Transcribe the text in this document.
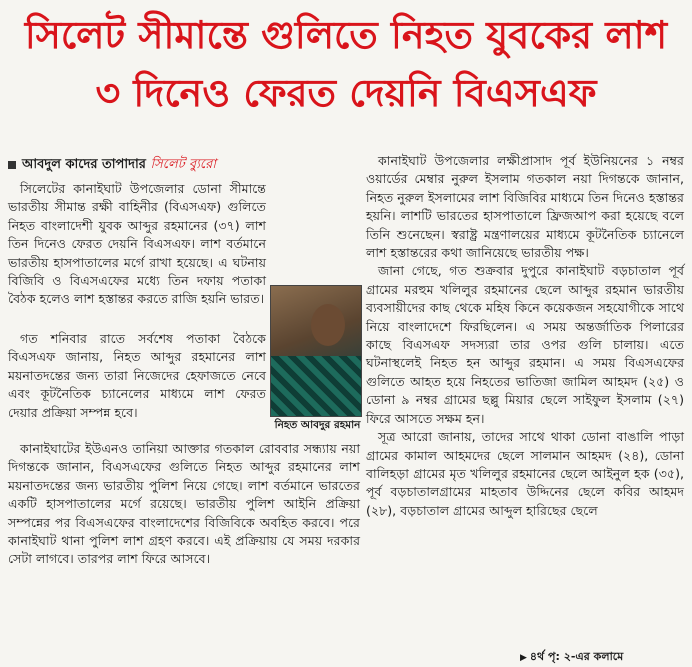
সিলেট সীমান্তে গুলিতে নিহত যুবকের লাশ
৩ দিনেও ফেরত দেয়নি বিএসএফ
আবদুল কাদের তাপাদার সিলেট ব্যুরো

সিলেটের কানাইঘাট উপজেলার ডোনা সীমান্তে ভারতীয় সীমান্ত রক্ষী বাহিনীর (বিএসএফ) গুলিতে নিহত বাংলাদেশী যুবক আব্দুর রহমানের (৩৭) লাশ তিন দিনেও ফেরত দেয়নি বিএসএফ। লাশ বর্তমানে ভারতীয় হাসপাতালের মর্গে রাখা হয়েছে। এ ঘটনায় বিজিবি ও বিএসএফের মধ্যে তিন দফায় পতাকা বৈঠক হলেও লাশ হস্তান্তর করতে রাজি হয়নি ভারত।

গত শনিবার রাতে সর্বশেষ পতাকা বৈঠকে বিএসএফ জানায়, নিহত আব্দুর রহমানের লাশ ময়নাতদন্তের জন্য তারা নিজেদের হেফাজতে নেবে এবং কূটনৈতিক চ্যানেলের মাধ্যমে লাশ ফেরত দেয়ার প্রক্রিয়া সম্পন্ন হবে।

নিহত আবদুর রহমান

কানাইঘাটের ইউএনও তানিয়া আক্তার গতকাল রোববার সন্ধ্যায় নয়া দিগন্তকে জানান, বিএসএফের গুলিতে নিহত আব্দুর রহমানের লাশ ময়নাতদন্তের জন্য ভারতীয় পুলিশ নিয়ে গেছে। লাশ বর্তমানে ভারতের একটি হাসপাতালের মর্গে রয়েছে। ভারতীয় পুলিশ আইনি প্রক্রিয়া সম্পন্নের পর বিএসএফের বাংলাদেশের বিজিবিকে অবহিত করবে। পরে কানাইঘাট থানা পুলিশ লাশ গ্রহণ করবে। এই প্রক্রিয়ায় যে সময় দরকার সেটা লাগবে। তারপর লাশ ফিরে আসবে।

কানাইঘাট উপজেলার লক্ষীপ্রাসাদ পূর্ব ইউনিয়নের ১ নম্বর ওয়ার্ডের মেম্বার নুরুল ইসলাম গতকাল নয়া দিগন্তকে জানান, নিহত নুরুল ইসলামের লাশ বিজিবির মাধ্যমে তিন দিনেও হস্তান্তর হয়নি। লাশটি ভারতের হাসপাতালে ফ্রিজআপ করা হয়েছে বলে তিনি শুনেছেন। স্বরাষ্ট্র মন্ত্রণালয়ের মাধ্যমে কূটনৈতিক চ্যানেলে লাশ হস্তান্তরের কথা জানিয়েছে ভারতীয় পক্ষ।

জানা গেছে, গত শুক্রবার দুপুরে কানাইঘাট বড়চাতাল পূর্ব গ্রামের মরহুম খলিলুর রহমানের ছেলে আব্দুর রহমান ভারতীয় ব্যবসায়ীদের কাছ থেকে মহিষ কিনে কয়েকজন সহযোগীকে সাথে নিয়ে বাংলাদেশে ফিরছিলেন। এ সময় অন্তর্জাতিক পিলারের কাছে বিএসএফ সদস্যরা তার ওপর গুলি চালায়। এতে ঘটনাস্থলেই নিহত হন আব্দুর রহমান। এ সময় বিএসএফের গুলিতে আহত হয়ে নিহতের ভাতিজা জামিল আহমদ (২৫) ও ডোনা ৯ নম্বর গ্রামের ছল্লু মিয়ার ছেলে সাইফুল ইসলাম (২৭) ফিরে আসতে সক্ষম হন।

সূত্র আরো জানায়, তাদের সাথে থাকা ডোনা বাঙালি পাড়া গ্রামের কামাল আহমদের ছেলে সালমান আহমদ (২৪), ডোনা বালিহড়া গ্রামের মৃত খলিলুর রহমানের ছেলে আইনুল হক (৩৫), পূর্ব বড়চাতালগ্রামের মাহতাব উদ্দিনের ছেলে কবির আহমদ (২৮), বড়চাতাল গ্রামের আব্দুল হারিছের ছেলে

▶ ৪র্থ পৃ: ২-এর কলামে
